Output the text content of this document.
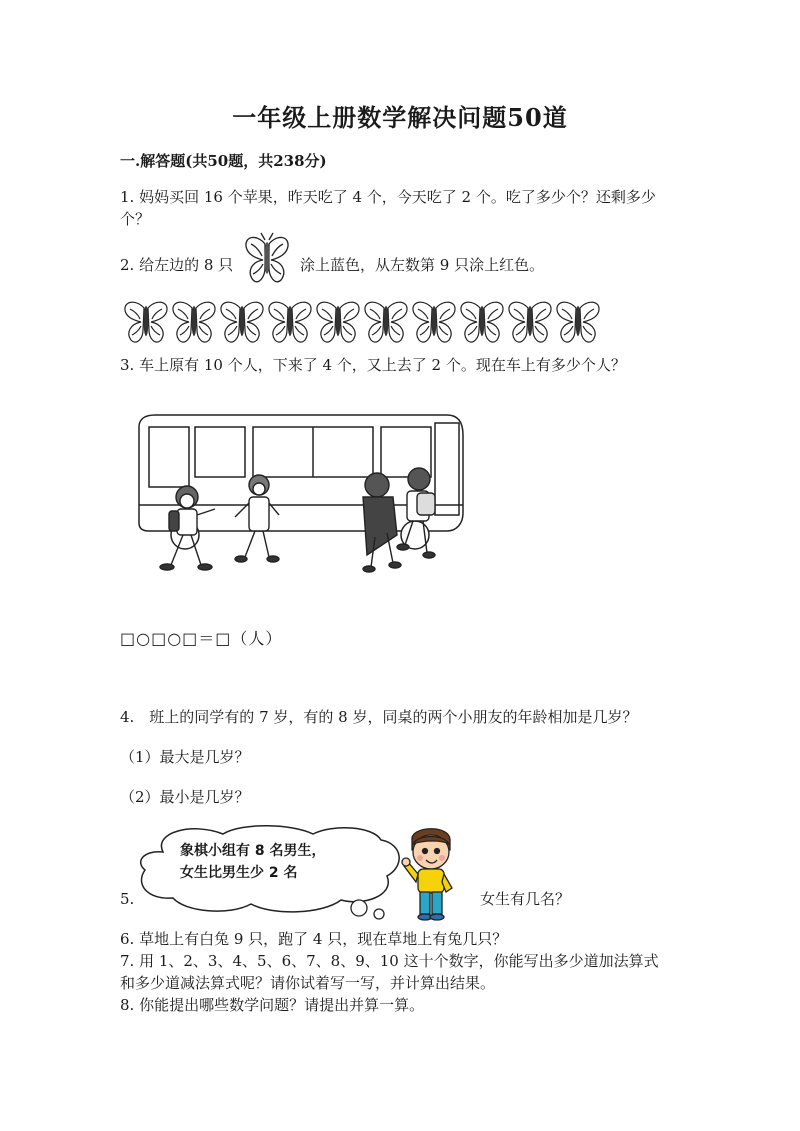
一年级上册数学解决问题50道
一.解答题(共50题，共238分)
1. 妈妈买回 16 个苹果，昨天吃了 4 个，今天吃了 2 个。吃了多少个？还剩多少
个？
2. 给左边的 8 只	涂上蓝色，从左数第 9 只涂上红色。
3. 车上原有 10 个人，下来了 4 个，又上去了 2 个。现在车上有多少个人？
□○□○□＝□（人）
4.　班上的同学有的 7 岁，有的 8 岁，同桌的两个小朋友的年龄相加是几岁？
（1）最大是几岁？
（2）最小是几岁？
象棋小组有 8 名男生，
女生比男生少 2 名
5.	女生有几名？
6. 草地上有白兔 9 只，跑了 4 只，现在草地上有兔几只？
7. 用 1、2、3、4、5、6、7、8、9、10 这十个数字，你能写出多少道加法算式
和多少道减法算式呢？请你试着写一写，并计算出结果。
8. 你能提出哪些数学问题？请提出并算一算。
